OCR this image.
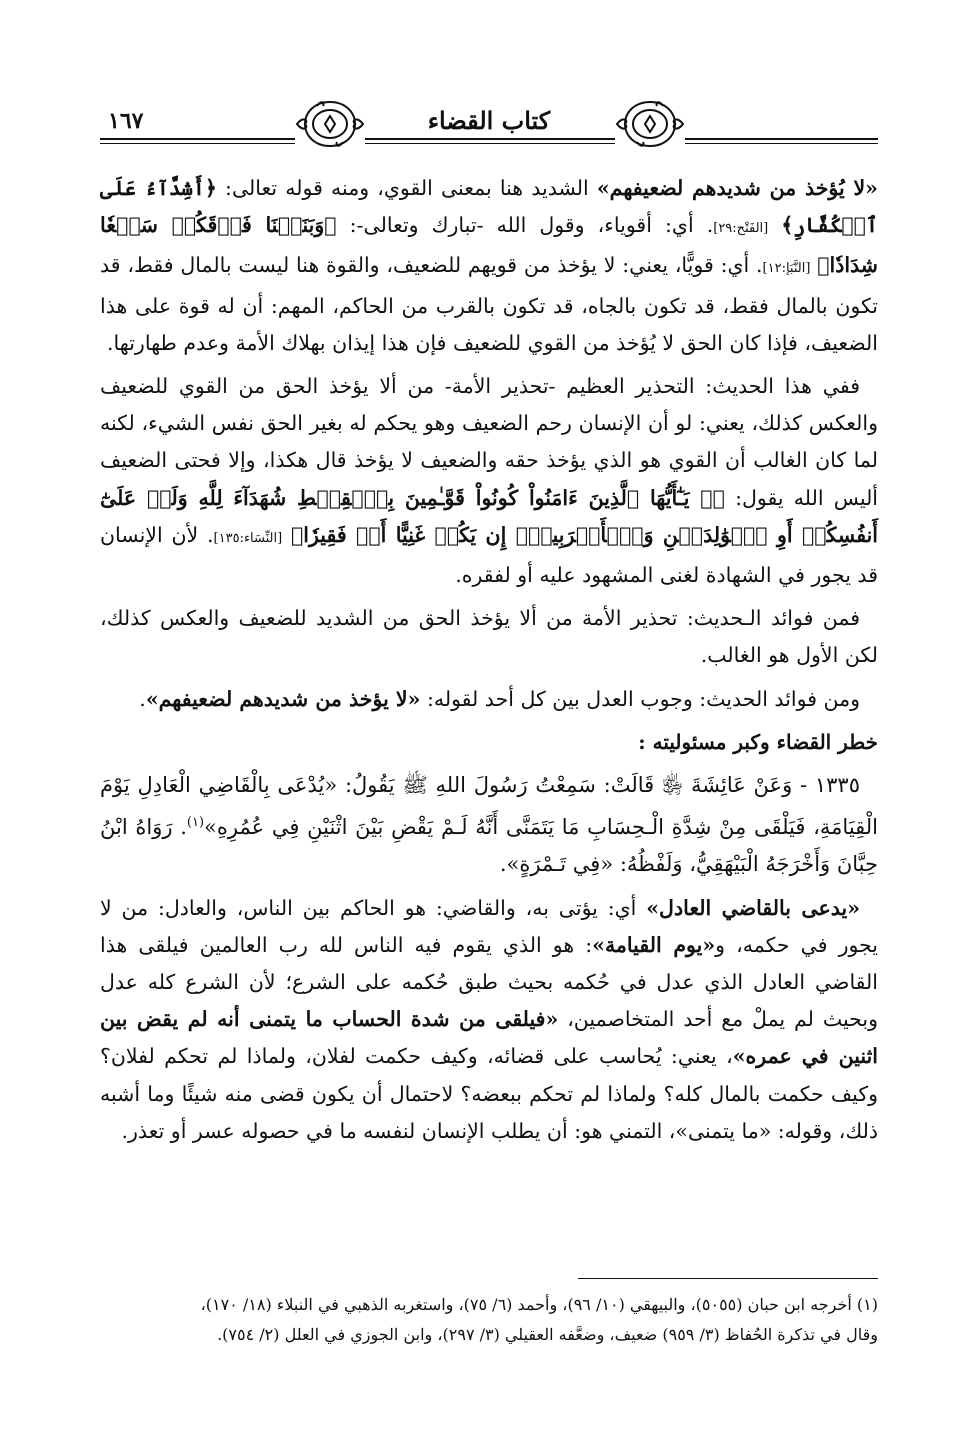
١٦٧	كتاب القضاء

«لا يُؤخذ من شديدهم لضعيفهم» الشديد هنا بمعنى القوي، ومنه قوله تعالى: ﴿أَشِدَّآءُ عَلَى ٱلۡكُفَّارِ﴾ [الفَتْح:٢٩]. أي: أقوياء، وقول الله -تبارك وتعالى-: ﴿وَبَنَيۡنَا فَوۡقَكُمۡ سَبۡعٗا شِدَادٗا﴾ [النَّبَإ:١٢]. أي: قويًّا، يعني: لا يؤخذ من قويهم للضعيف، والقوة هنا ليست بالمال فقط، قد تكون بالمال فقط، قد تكون بالجاه، قد تكون بالقرب من الحاكم، المهم: أن له قوة على هذا الضعيف، فإذا كان الحق لا يُؤخذ من القوي للضعيف فإن هذا إيذان بهلاك الأمة وعدم طهارتها.

ففي هذا الحديث: التحذير العظيم -تحذير الأمة- من ألا يؤخذ الحق من القوي للضعيف والعكس كذلك، يعني: لو أن الإنسان رحم الضعيف وهو يحكم له بغير الحق نفس الشيء، لكنه لما كان الغالب أن القوي هو الذي يؤخذ حقه والضعيف لا يؤخذ قال هكذا، وإلا فحتى الضعيف أليس الله يقول: ﴿۞ يَـٰٓأَيُّهَا ٱلَّذِينَ ءَامَنُواْ كُونُواْ قَوَّـٰمِينَ بِٱلۡقِسۡطِ شُهَدَآءَ لِلَّهِ وَلَوۡ عَلَىٰٓ أَنفُسِكُمۡ أَوِ ٱلۡوَٰلِدَيۡنِ وَٱلۡأَقۡرَبِينَۚ إِن يَكُنۡ غَنِيًّا أَوۡ فَقِيرٗا﴾ [النِّسَاء:١٣٥]. لأن الإنسان قد يجور في الشهادة لغنى المشهود عليه أو لفقره.

فمن فوائد الـحديث: تحذير الأمة من ألا يؤخذ الحق من الشديد للضعيف والعكس كذلك، لكن الأول هو الغالب.

ومن فوائد الحديث: وجوب العدل بين كل أحد لقوله: «لا يؤخذ من شديدهم لضعيفهم».

خطر القضاء وكبر مسئوليته :

١٣٣٥ - وَعَنْ عَائِشَةَ ﵂ قَالَتْ: سَمِعْتُ رَسُولَ اللهِ ﷺ يَقُولُ: «يُدْعَى بِالْقَاضِي الْعَادِلِ يَوْمَ الْقِيَامَةِ، فَيَلْقَى مِنْ شِدَّةِ الْـحِسَابِ مَا يَتَمَنَّى أَنَّهُ لَـمْ يَقْضِ بَيْنَ اثْنَيْنِ فِي عُمُرِهِ»$^{(١)}$. رَوَاهُ ابْنُ حِبَّانَ وَأَخْرَجَهُ الْبَيْهَقِيُّ، وَلَفْظُهُ: «فِي تَـمْرَةٍ».

«يدعى بالقاضي العادل» أي: يؤتى به، والقاضي: هو الحاكم بين الناس، والعادل: من لا يجور في حكمه، و«يوم القيامة»: هو الذي يقوم فيه الناس لله رب العالمين فيلقى هذا القاضي العادل الذي عدل في حُكمه بحيث طبق حُكمه على الشرع؛ لأن الشرع كله عدل وبحيث لم يملْ مع أحد المتخاصمين، «فيلقى من شدة الحساب ما يتمنى أنه لم يقض بين اثنين في عمره»، يعني: يُحاسب على قضائه، وكيف حكمت لفلان، ولماذا لم تحكم لفلان؟ وكيف حكمت بالمال كله؟ ولماذا لم تحكم ببعضه؟ لاحتمال أن يكون قضى منه شيئًا وما أشبه ذلك، وقوله: «ما يتمنى»، التمني هو: أن يطلب الإنسان لنفسه ما في حصوله عسر أو تعذر.

(١) أخرجه ابن حبان (٥٠٥٥)، والبيهقي (١٠/ ٩٦)، وأحمد (٦/ ٧٥)، واستغربه الذهبي في النبلاء (١٨/ ١٧٠)،

وقال في تذكرة الحُفاظ (٣/ ٩٥٩) ضعيف، وضعَّفه العقيلي (٣/ ٢٩٧)، وابن الجوزي في العلل (٢/ ٧٥٤).
